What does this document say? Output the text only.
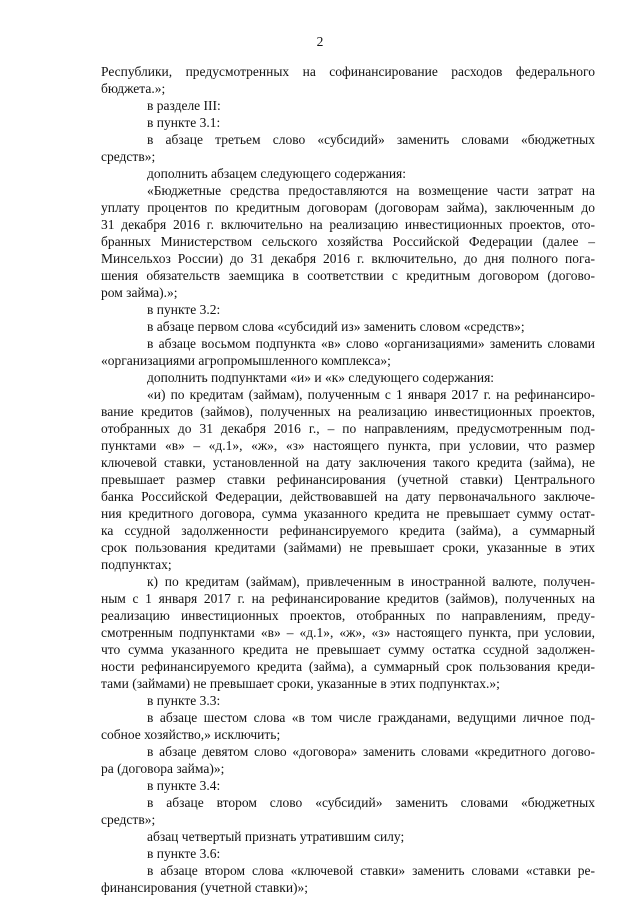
2
Республики, предусмотренных на софинансирование расходов федерального
бюджета.»;
в разделе III:
в пункте 3.1:
в абзаце третьем слово «субсидий» заменить словами «бюджетных
средств»;
дополнить абзацем следующего содержания:
«Бюджетные средства предоставляются на возмещение части затрат на
уплату процентов по кредитным договорам (договорам займа), заключенным до
31 декабря 2016 г. включительно на реализацию инвестиционных проектов, ото-
бранных Министерством сельского хозяйства Российской Федерации (далее –
Минсельхоз России) до 31 декабря 2016 г. включительно, до дня полного пога-
шения обязательств заемщика в соответствии с кредитным договором (догово-
ром займа).»;
в пункте 3.2:
в абзаце первом слова «субсидий из» заменить словом «средств»;
в абзаце восьмом подпункта «в» слово «организациями» заменить словами
«организациями агропромышленного комплекса»;
дополнить подпунктами «и» и «к» следующего содержания:
«и) по кредитам (займам), полученным с 1 января 2017 г. на рефинансиро-
вание кредитов (займов), полученных на реализацию инвестиционных проектов,
отобранных до 31 декабря 2016 г., – по направлениям, предусмотренным под-
пунктами «в» – «д.1», «ж», «з» настоящего пункта, при условии, что размер
ключевой ставки, установленной на дату заключения такого кредита (займа), не
превышает размер ставки рефинансирования (учетной ставки) Центрального
банка Российской Федерации, действовавшей на дату первоначального заключе-
ния кредитного договора, сумма указанного кредита не превышает сумму остат-
ка ссудной задолженности рефинансируемого кредита (займа), а суммарный
срок пользования кредитами (займами) не превышает сроки, указанные в этих
подпунктах;
к) по кредитам (займам), привлеченным в иностранной валюте, получен-
ным с 1 января 2017 г. на рефинансирование кредитов (займов), полученных на
реализацию инвестиционных проектов, отобранных по направлениям, преду-
смотренным подпунктами «в» – «д.1», «ж», «з» настоящего пункта, при условии,
что сумма указанного кредита не превышает сумму остатка ссудной задолжен-
ности рефинансируемого кредита (займа), а суммарный срок пользования креди-
тами (займами) не превышает сроки, указанные в этих подпунктах.»;
в пункте 3.3:
в абзаце шестом слова «в том числе гражданами, ведущими личное под-
собное хозяйство,» исключить;
в абзаце девятом слово «договора» заменить словами «кредитного догово-
ра (договора займа)»;
в пункте 3.4:
в абзаце втором слово «субсидий» заменить словами «бюджетных
средств»;
абзац четвертый признать утратившим силу;
в пункте 3.6:
в абзаце втором слова «ключевой ставки» заменить словами «ставки ре-
финансирования (учетной ставки)»;
